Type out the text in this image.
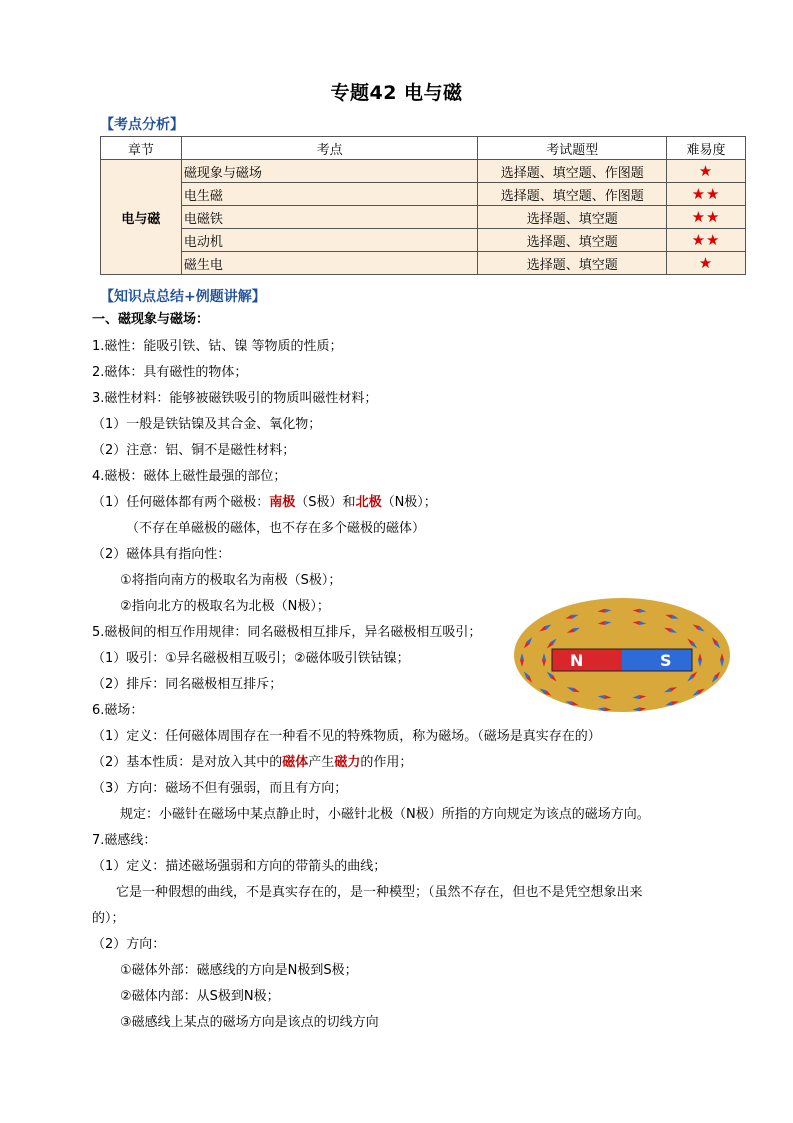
专题42 电与磁
【考点分析】
章节	考点	考试题型	难易度
电与磁	磁现象与磁场	选择题、填空题、作图题	★
	电生磁	选择题、填空题、作图题	★★
	电磁铁	选择题、填空题	★★
	电动机	选择题、填空题	★★
	磁生电	选择题、填空题	★
【知识点总结+例题讲解】
一、磁现象与磁场：
1.磁性：能吸引铁、钴、镍 等物质的性质；
2.磁体：具有磁性的物体；
3.磁性材料：能够被磁铁吸引的物质叫磁性材料；
（1）一般是铁钴镍及其合金、氧化物；
（2）注意：铝、铜不是磁性材料；
4.磁极：磁体上磁性最强的部位；
（1）任何磁体都有两个磁极：南极（S极）和北极（N极）；
（不存在单磁极的磁体，也不存在多个磁极的磁体）
（2）磁体具有指向性：
①将指向南方的极取名为南极（S极）；
②指向北方的极取名为北极（N极）；
5.磁极间的相互作用规律：同名磁极相互排斥，异名磁极相互吸引；
（1）吸引：①异名磁极相互吸引；②磁体吸引铁钴镍；
（2）排斥：同名磁极相互排斥；
6.磁场：
（1）定义：任何磁体周围存在一种看不见的特殊物质，称为磁场。（磁场是真实存在的）
（2）基本性质：是对放入其中的磁体产生磁力的作用；
（3）方向：磁场不但有强弱，而且有方向；
规定：小磁针在磁场中某点静止时，小磁针北极（N极）所指的方向规定为该点的磁场方向。
7.磁感线：
（1）定义：描述磁场强弱和方向的带箭头的曲线；
它是一种假想的曲线，不是真实存在的，是一种模型；（虽然不存在，但也不是凭空想象出来
的）；
（2）方向：
①磁体外部：磁感线的方向是N极到S极；
②磁体内部：从S极到N极；
③磁感线上某点的磁场方向是该点的切线方向
N	S
